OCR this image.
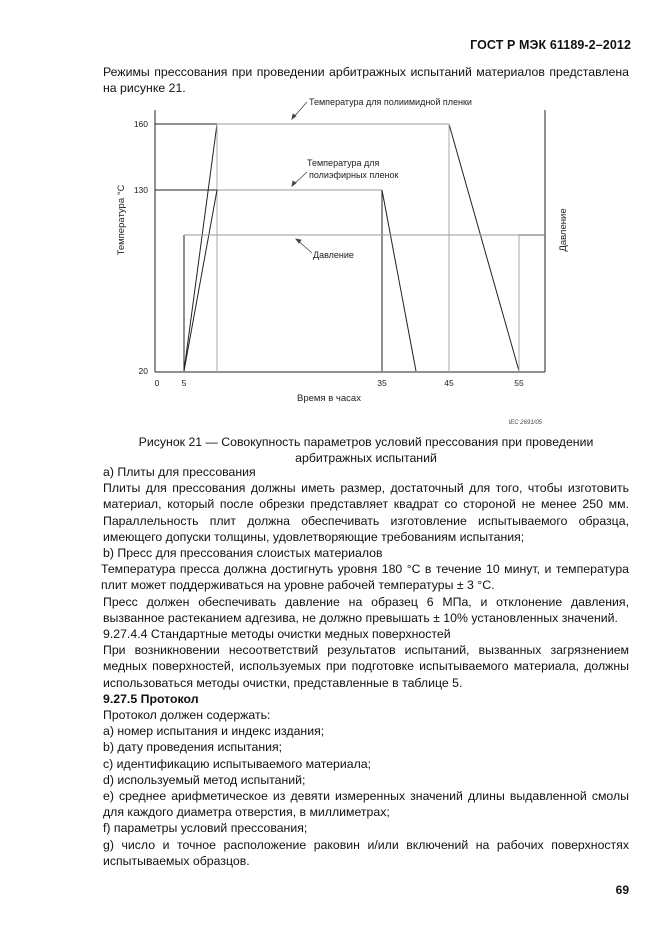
ГОСТ Р МЭК 61189-2–2012
Режимы прессования при проведении арбитражных испытаний материалов представлена на рисунке 21.
160
130
20
0	5	35	45	55
Время в часах
Температура °С	Давление
Температура для полиимидной пленки
Температура для
полиэфирных пленок
Давление
IEC 2691/05
Рисунок 21 — Совокупность параметров условий прессования при проведении
арбитражных испытаний

а) Плиты для прессования

Плиты для прессования должны иметь размер, достаточный для того, чтобы изготовить материал, который после обрезки представляет квадрат со стороной не менее 250 мм. Параллельность плит должна обеспечивать изготовление испытываемого образца, имеющего допуски толщины, удовлетворяющие требованиям испытания;

b) Пресс для прессования слоистых материалов

Температура пресса должна достигнуть уровня 180 °С в течение 10 минут, и температура плит может поддерживаться на уровне рабочей температуры ± 3 °С.

Пресс должен обеспечивать давление на образец 6 МПа, и отклонение давления, вызванное растеканием адгезива, не должно превышать ± 10% установленных значений.

9.27.4.4 Стандартные методы очистки медных поверхностей

При возникновении несоответствий результатов испытаний, вызванных загрязнением медных поверхностей, используемых при подготовке испытываемого материала, должны использоваться методы очистки, представленные в таблице 5.

9.27.5 Протокол

Протокол должен содержать:

а) номер испытания и индекс издания;

b) дату проведения испытания;

c) идентификацию испытываемого материала;

d) используемый метод испытаний;

e) среднее арифметическое из девяти измеренных значений длины выдавленной смолы для каждого диаметра отверстия, в миллиметрах;

f) параметры условий прессования;

g) число и точное расположение раковин и/или включений на рабочих поверхностях испытываемых образцов.

69
